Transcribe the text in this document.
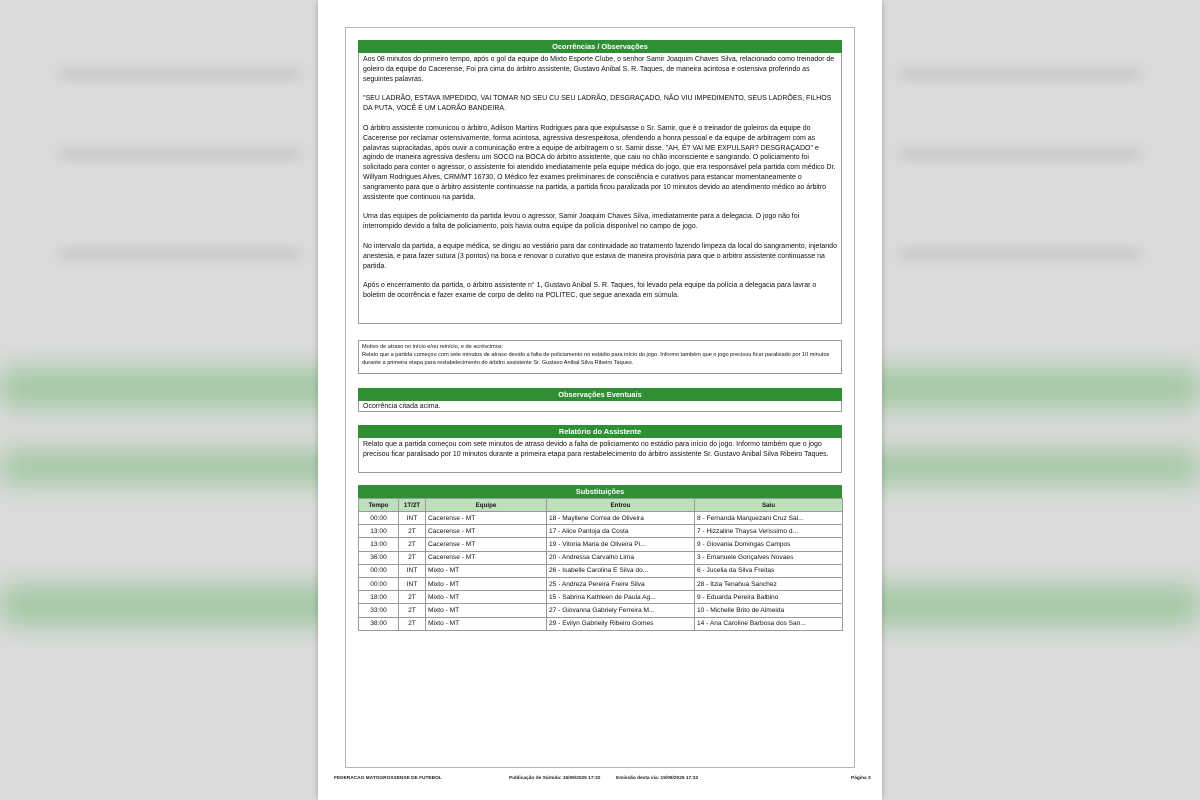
Ocorrências / Observações

Aos 08 minutos do primeiro tempo, após o gol da equipe do Mixto Esporte Clube, o senhor Samir Joaquim Chaves Silva, relacionado como treinador de goleiro da equipe do Cacerense, Foi pra cima do árbitro assistente, Gustavo Anibal S. R. Taques, de maneira acintosa e ostensiva proferindo as seguintes palavras.

"SEU LADRÃO, ESTAVA IMPEDIDO, VAI TOMAR NO SEU CU SEU LADRÃO, DESGRAÇADO, NÃO VIU IMPEDIMENTO, SEUS LADRÕES, FILHOS DA PUTA, VOCÊ É UM LADRÃO BANDEIRA.

O árbitro assistente comunicou o árbitro, Adilson Martins Rodrigues para que expulsasse o Sr. Samir, que é o treinador de goleiros da equipe do Cacerense por reclamar ostensivamente, forma acintosa, agressiva desrespeitosa, ofendendo a honra pessoal e da equipe de arbitragem com as palavras supracitadas, após ouvir a comunicação entre a equipe de arbitragem o sr. Samir disse. "AH, É? VAI ME EXPULSAR? DESGRAÇADO" e agindo de maneira agressiva desferiu um SOCO na BOCA do árbitro assistente, que caiu no chão inconsciente e sangrando. O policiamento foi solicitado para conter o agressor, o assistente foi atendido imediatamente pela equipe médica do jogo, que era responsável pela partida com médico Dr. Willyam Rodrigues Alves, CRM/MT 16730, O Médico fez exames preliminares de consciência e curativos para estancar momentaneamente o sangramento para que o árbitro assistente continuasse na partida, a partida ficou paralizada por 10 minutos devido ao atendimento médico ao árbitro assistente que continuou na partida.

Uma das equipes de policiamento da partida levou o agressor, Samir Joaquim Chaves Silva, imediatamente para a delegacia. O jogo não foi interrompido devido a falta de policiamento, pois havia outra equipe da polícia disponível no campo de jogo.

No intervalo da partida, a equipe médica, se dirigiu ao vestiário para dar continuidade ao tratamento fazendo limpeza da local do sangramento, injetando anestesia, e para fazer sutura (3 pontos) na boca e renovar o curativo que estava de maneira provisória para que o arbitro assistente continuasse na partida.

Após o encerramento da partida, o árbitro assistente n° 1, Gustavo Anibal S. R. Taques, foi levado pela equipe da polícia a delegacia para lavrar o boletim de ocorrência e fazer exame de corpo de delito na POLITEC, que segue anexada em súmula.

Motivo de atraso no início e/ou reinício, e de acréscimos:
Relato que a partida começou com sete minutos de atraso devido a falta de policiamento no estádio para início do jogo. Informo também que o jogo precisou ficar paralisado por 10 minutos durante a primeira etapa para restabelecimento do árbitro assistente Sr. Gustavo Anibal Silva Ribeiro Taques.
Observações Eventuais
Ocorrência citada acima.
Relatório do Assistente
Relato que a partida começou com sete minutos de atraso devido a falta de policiamento no estádio para início do jogo. Informo também que o jogo precisou ficar paralisado por 10 minutos durante a primeira etapa para restabelecimento do árbitro assistente Sr. Gustavo Anibal Silva Ribeiro Taques.
Substituições
Tempo	1T/2T	Equipe	Entrou	Saiu
00:00	INT	Cacerense - MT	18 - Mayllene Correa de Oliveira	8 - Fernanda Marquezani Cruz Sal...
13:00	2T	Cacerense - MT	17 - Alice Pantoja da Costa	7 - Hizzaline Thaysa Verissimo d...
13:00	2T	Cacerense - MT	19 - Vitoria Maria de Oliveira Pi...	9 - Giovania Domingas Campos
36:00	2T	Cacerense - MT	20 - Andressa Carvalho Lima	3 - Emanuele Gonçalves Novaes
00:00	INT	Mixto - MT	26 - Isabelle Carolina E Silva do...	6 - Jucelia da Silva Freitas
00:00	INT	Mixto - MT	25 - Andreza Pereira Freire Silva	28 - Itzia Tenahua Sanchez
18:00	2T	Mixto - MT	15 - Sabrina Kathleen de Paula Ag...	9 - Eduarda Pereira Balbino
33:00	2T	Mixto - MT	27 - Giovanna Gabriely Ferreira M...	10 - Michelle Brito de Almeida
38:00	2T	Mixto - MT	29 - Evilyn Gabrielly Ribeiro Gomes	14 - Ana Caroline Barbosa dos San...
FEDERACAO MATOGROSSENSE DE FUTEBOL	Publicação de Súmula: 15/09/2025 17:32	Emissão desta via: 15/09/2025 17:32	Página 3
